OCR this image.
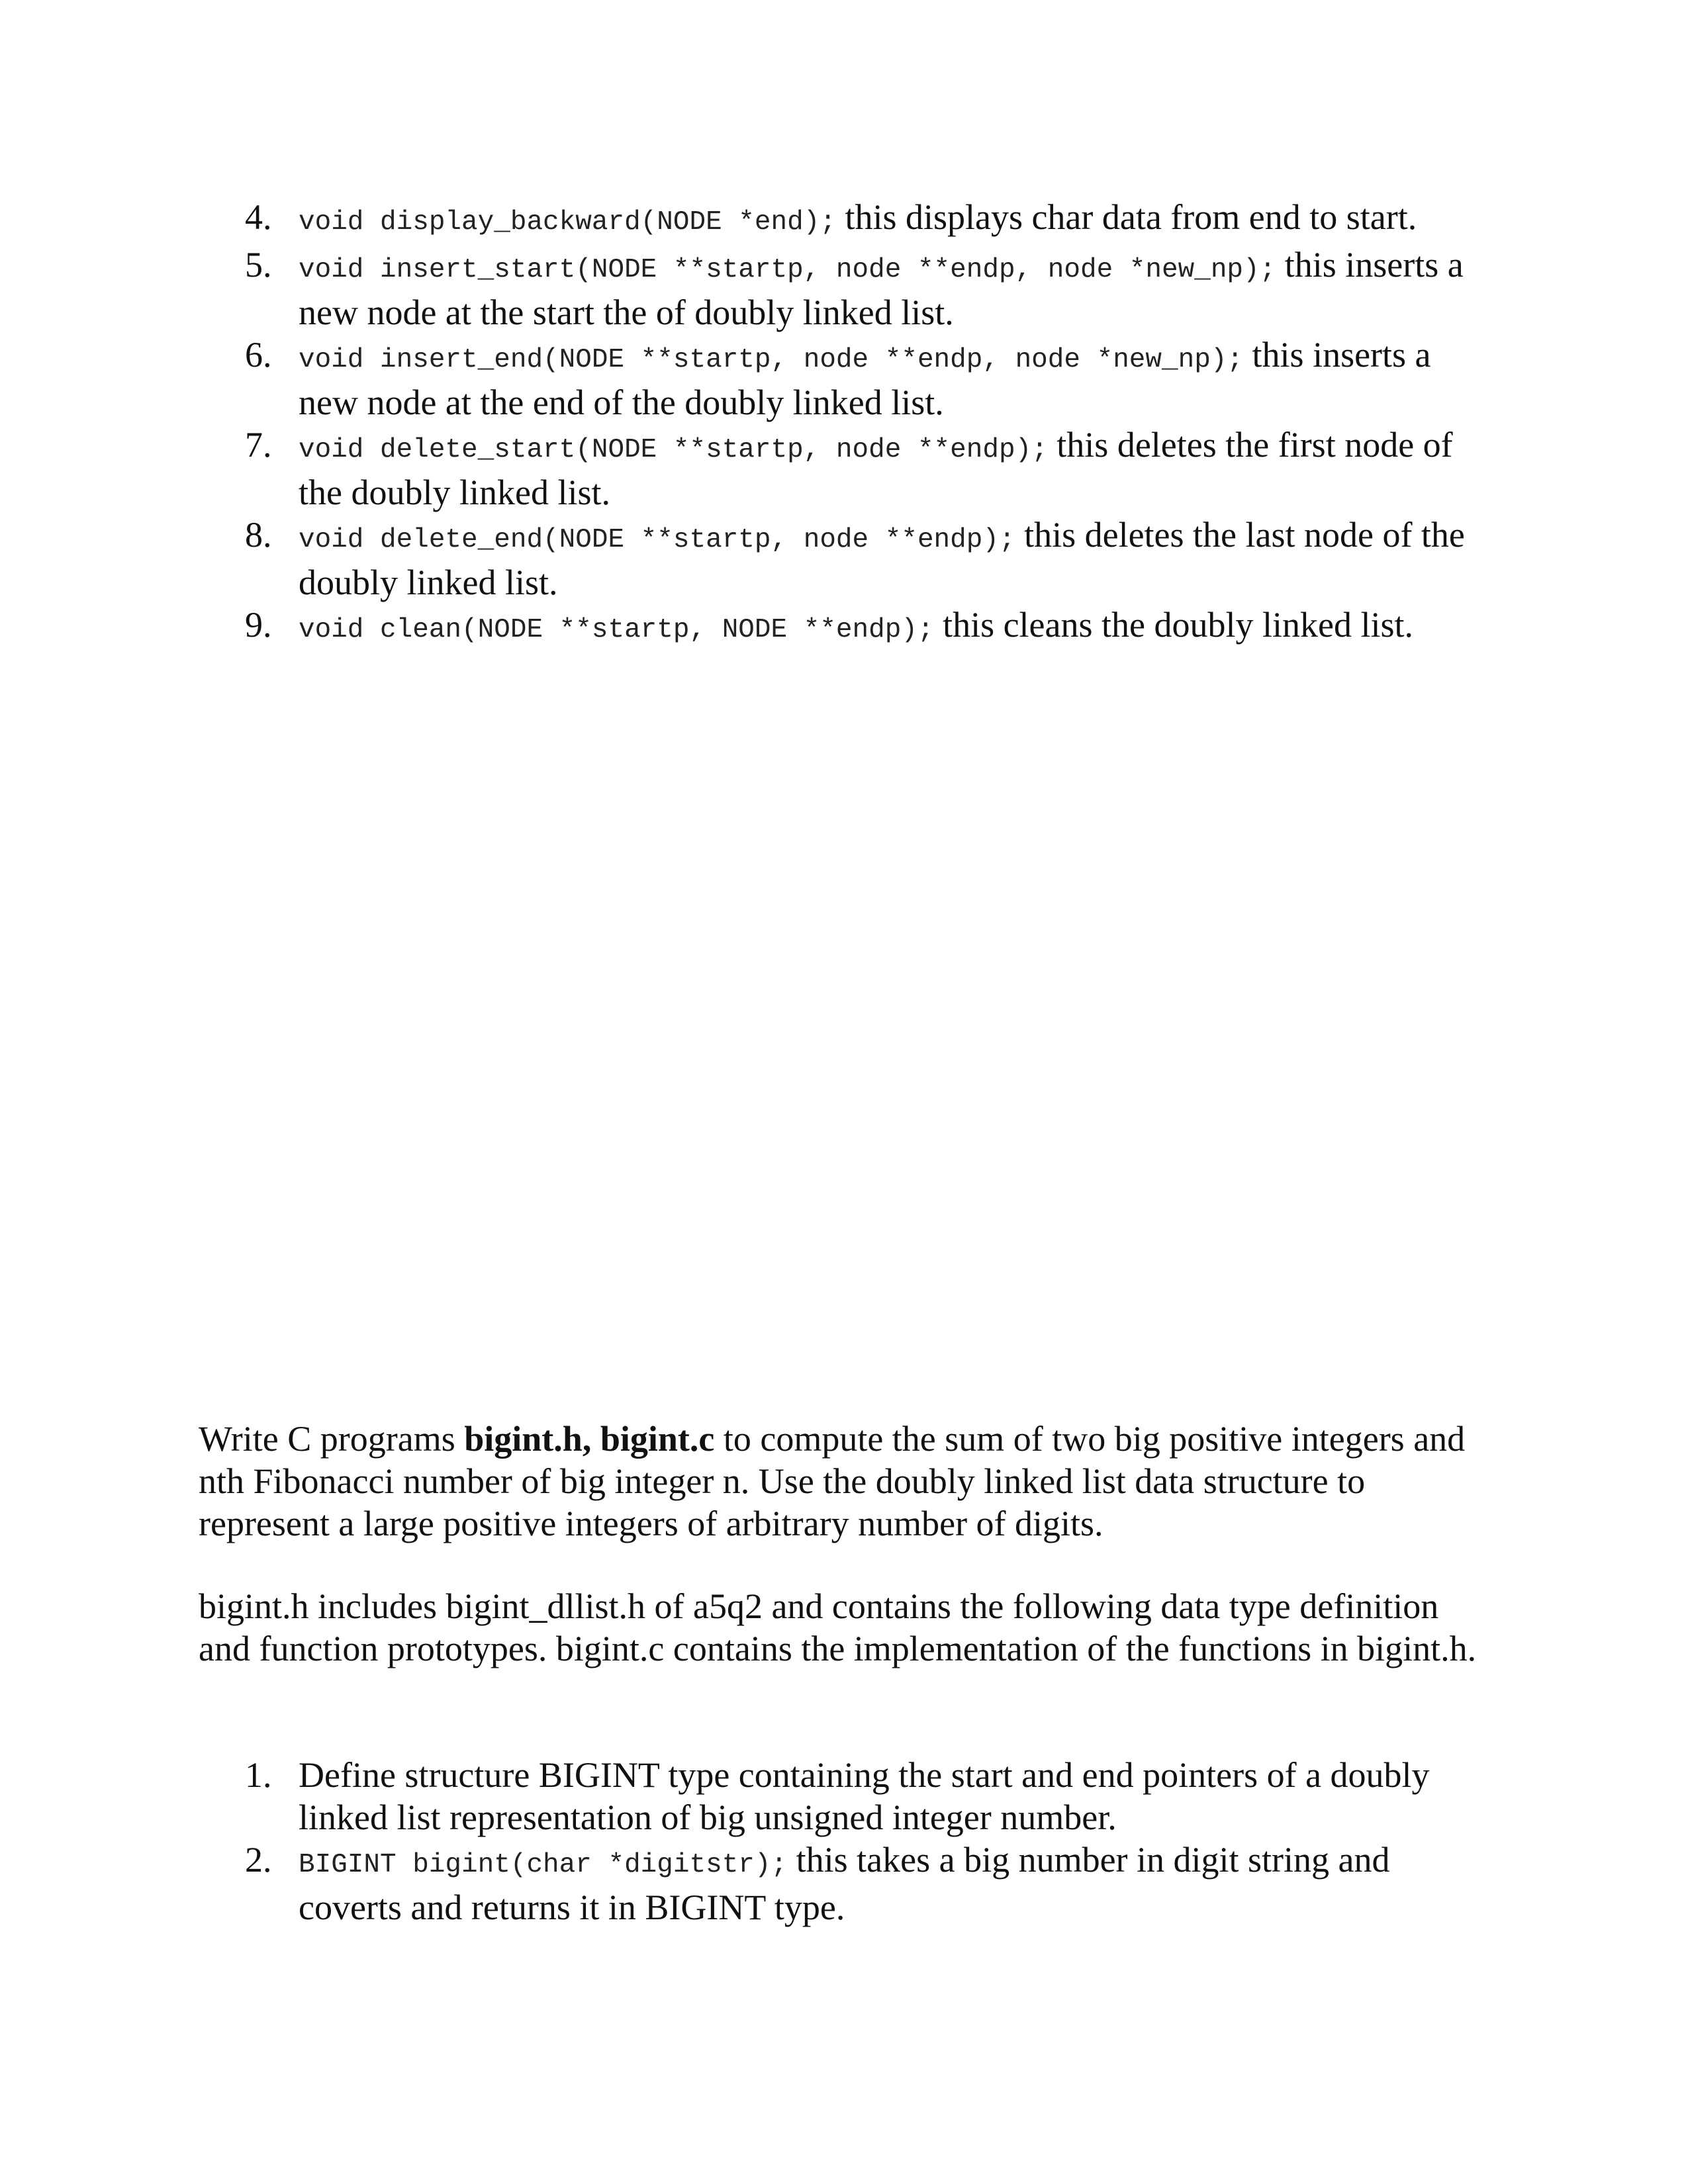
4. void display_backward(NODE *end); this displays char data from end to start.
5. void insert_start(NODE **startp, node **endp, node *new_np); this inserts a new node at the start the of doubly linked list.
6. void insert_end(NODE **startp, node **endp, node *new_np); this inserts a new node at the end of the doubly linked list.
7. void delete_start(NODE **startp, node **endp); this deletes the first node of the doubly linked list.
8. void delete_end(NODE **startp, node **endp); this deletes the last node of the doubly linked list.
9. void clean(NODE **startp, NODE **endp); this cleans the doubly linked list.

Write C programs bigint.h, bigint.c to compute the sum of two big positive integers and nth Fibonacci number of big integer n. Use the doubly linked list data structure to represent a large positive integers of arbitrary number of digits.

bigint.h includes bigint_dllist.h of a5q2 and contains the following data type definition and function prototypes. bigint.c contains the implementation of the functions in bigint.h.

1. Define structure BIGINT type containing the start and end pointers of a doubly linked list representation of big unsigned integer number.
2. BIGINT bigint(char *digitstr); this takes a big number in digit string and coverts and returns it in BIGINT type.
